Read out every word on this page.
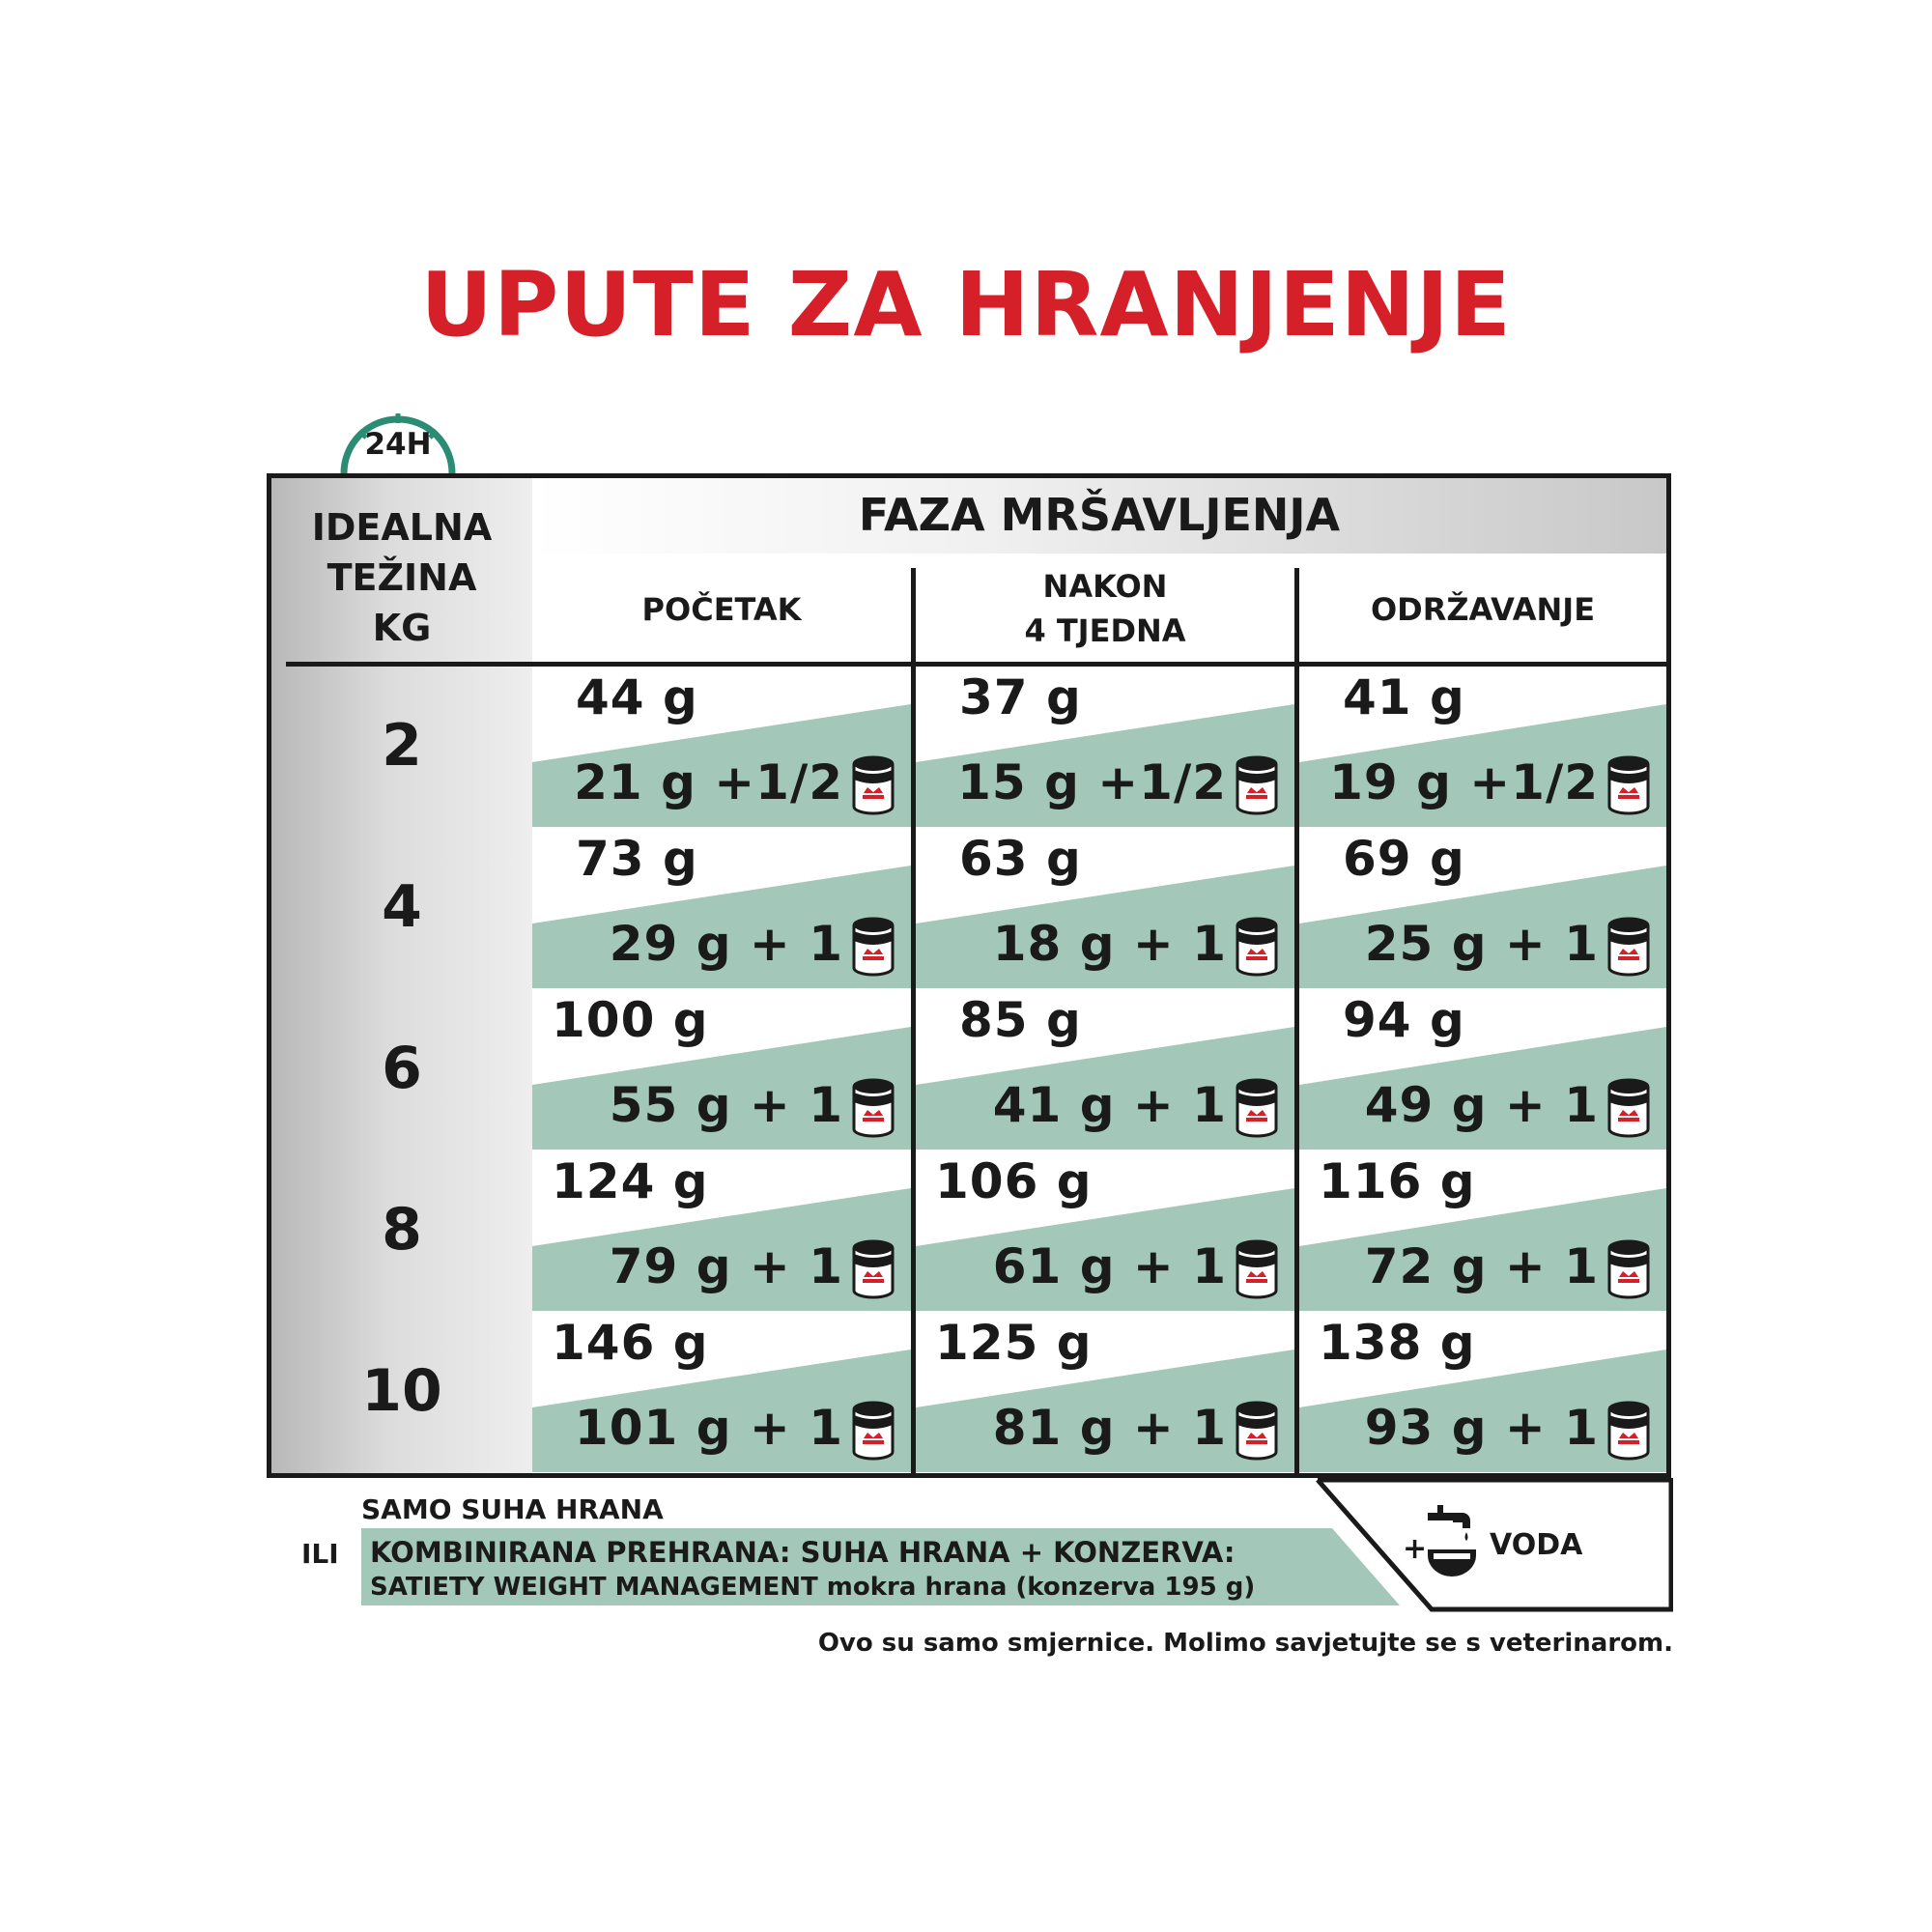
UPUTE ZA HRANJENJE
24H
IDEALNA
TEŽINA
KG
FAZA MRŠAVLJENJA
POČETAK
NAKON
4 TJEDNA
ODRŽAVANJE
2
44 g
21 g +1/2
37 g
15 g +1/2
41 g
19 g +1/2
4
73 g
29 g + 1
63 g
18 g + 1
69 g
25 g + 1
6
100 g
55 g + 1
85 g
41 g + 1
94 g
49 g + 1
8
124 g
79 g + 1
106 g
61 g + 1
116 g
72 g + 1
10
146 g
101 g + 1
125 g
81 g + 1
138 g
93 g + 1
SAMO SUHA HRANA
ILI KOMBINIRANA PREHRANA: SUHA HRANA + KONZERVA:
SATIETY WEIGHT MANAGEMENT mokra hrana (konzerva 195 g)
+ VODA
Ovo su samo smjernice. Molimo savjetujte se s veterinarom.
